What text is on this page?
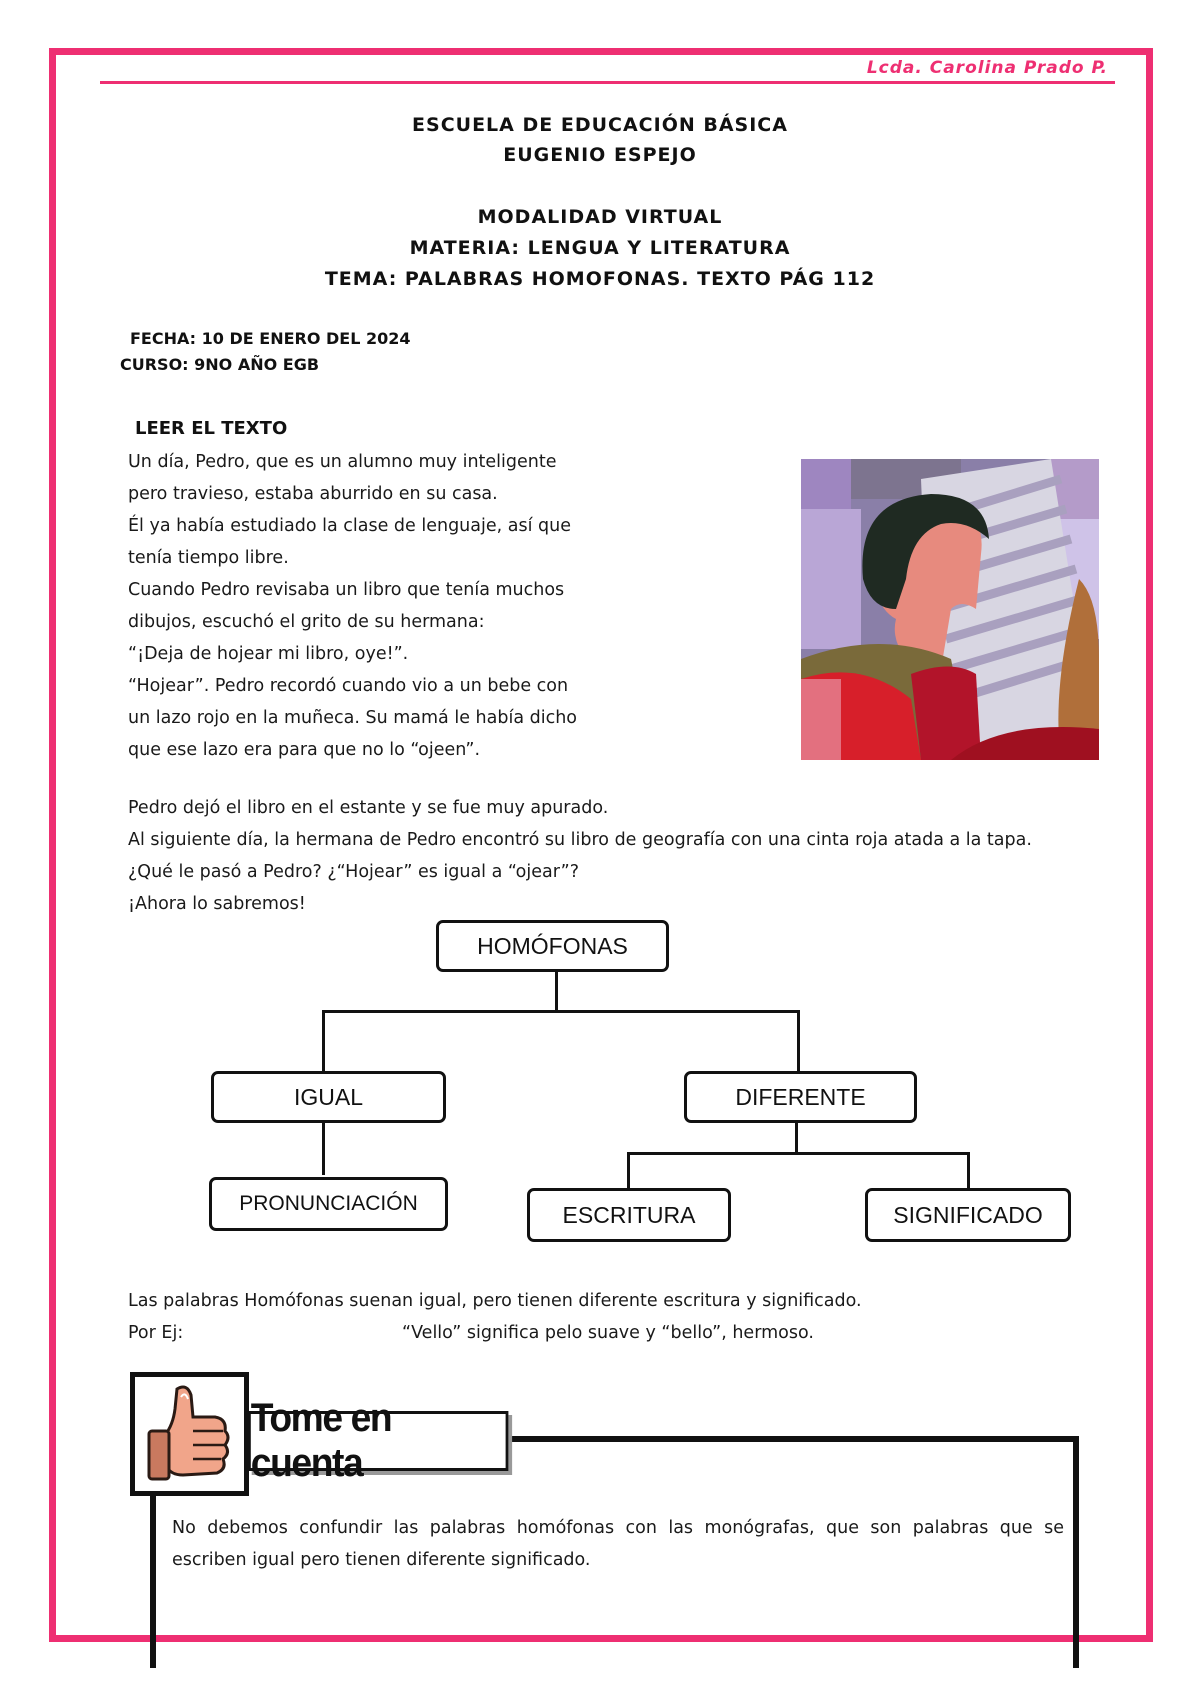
Lcda. Carolina Prado P.
ESCUELA DE EDUCACIÓN BÁSICA
EUGENIO ESPEJO
MODALIDAD VIRTUAL
MATERIA: LENGUA Y LITERATURA
TEMA: PALABRAS HOMOFONAS. TEXTO PÁG 112
FECHA: 10 DE ENERO DEL 2024
CURSO: 9NO AÑO EGB
LEER EL TEXTO

Un día, Pedro, que es un alumno muy inteligente

pero travieso, estaba aburrido en su casa.

Él ya había estudiado la clase de lenguaje, así que

tenía tiempo libre.

Cuando Pedro revisaba un libro que tenía muchos

dibujos, escuchó el grito de su hermana:

“¡Deja de hojear mi libro, oye!”.

“Hojear”. Pedro recordó cuando vio a un bebe con

un lazo rojo en la muñeca. Su mamá le había dicho

que ese lazo era para que no lo “ojeen”.

Pedro dejó el libro en el estante y se fue muy apurado.

Al siguiente día, la hermana de Pedro encontró su libro de geografía con una cinta roja atada a la tapa.

¿Qué le pasó a Pedro? ¿“Hojear” es igual a “ojear”?

¡Ahora lo sabremos!

HOMÓFONAS
IGUAL	DIFERENTE
PRONUNCIACIÓN	ESCRITURA	SIGNIFICADO

Las palabras Homófonas suenan igual, pero tienen diferente escritura y significado.

Por Ej:	“Vello” significa pelo suave y “bello”, hermoso.

Tome en cuenta
No debemos confundir las palabras homófonas con las monógrafas, que son palabras que se escriben igual pero tienen diferente significado.
